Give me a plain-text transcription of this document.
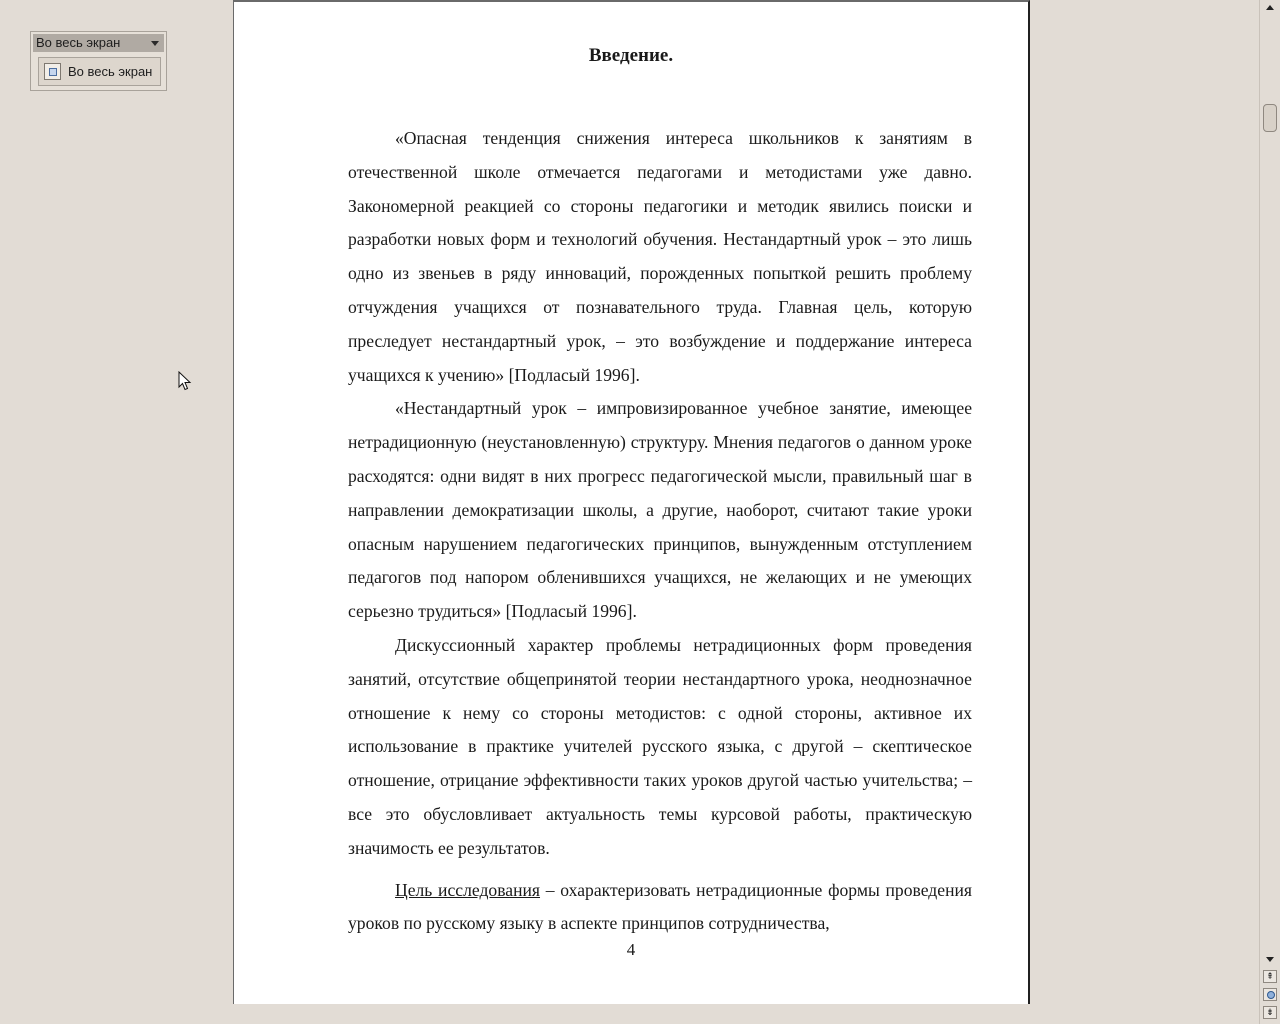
Во весь экран
Во весь экран
Введение.

«Опасная тенденция снижения интереса школьников к занятиям в отечественной школе отмечается педагогами и методистами уже давно. Закономерной реакцией со стороны педагогики и методик явились поиски и разработки новых форм и технологий обучения. Нестандартный урок – это лишь одно из звеньев в ряду инноваций, порожденных попыткой решить проблему отчуждения учащихся от познавательного труда. Главная цель, которую преследует нестандартный урок, – это возбуждение и поддержание интереса учащихся к учению» [Подласый 1996].

«Нестандартный урок – импровизированное учебное занятие, имеющее нетрадиционную (неустановленную) структуру. Мнения педагогов о данном уроке расходятся: одни видят в них прогресс педагогической мысли, правильный шаг в направлении демократизации школы, а другие, наоборот, считают такие уроки опасным нарушением педагогических принципов, вынужденным отступлением педагогов под напором обленившихся учащихся, не желающих и не умеющих серьезно трудиться» [Подласый 1996].

Дискуссионный характер проблемы нетрадиционных форм проведения занятий, отсутствие общепринятой теории нестандартного урока, неоднозначное отношение к нему со стороны методистов: с одной стороны, активное их использование в практике учителей русского языка, с другой – скептическое отношение, отрицание эффективности таких уроков другой частью учительства; – все это обусловливает актуальность темы курсовой работы, практическую значимость ее результатов.

Цель исследования – охарактеризовать нетрадиционные формы проведения уроков по русскому языку в аспекте принципов сотрудничества,

4
⇞
⇟
